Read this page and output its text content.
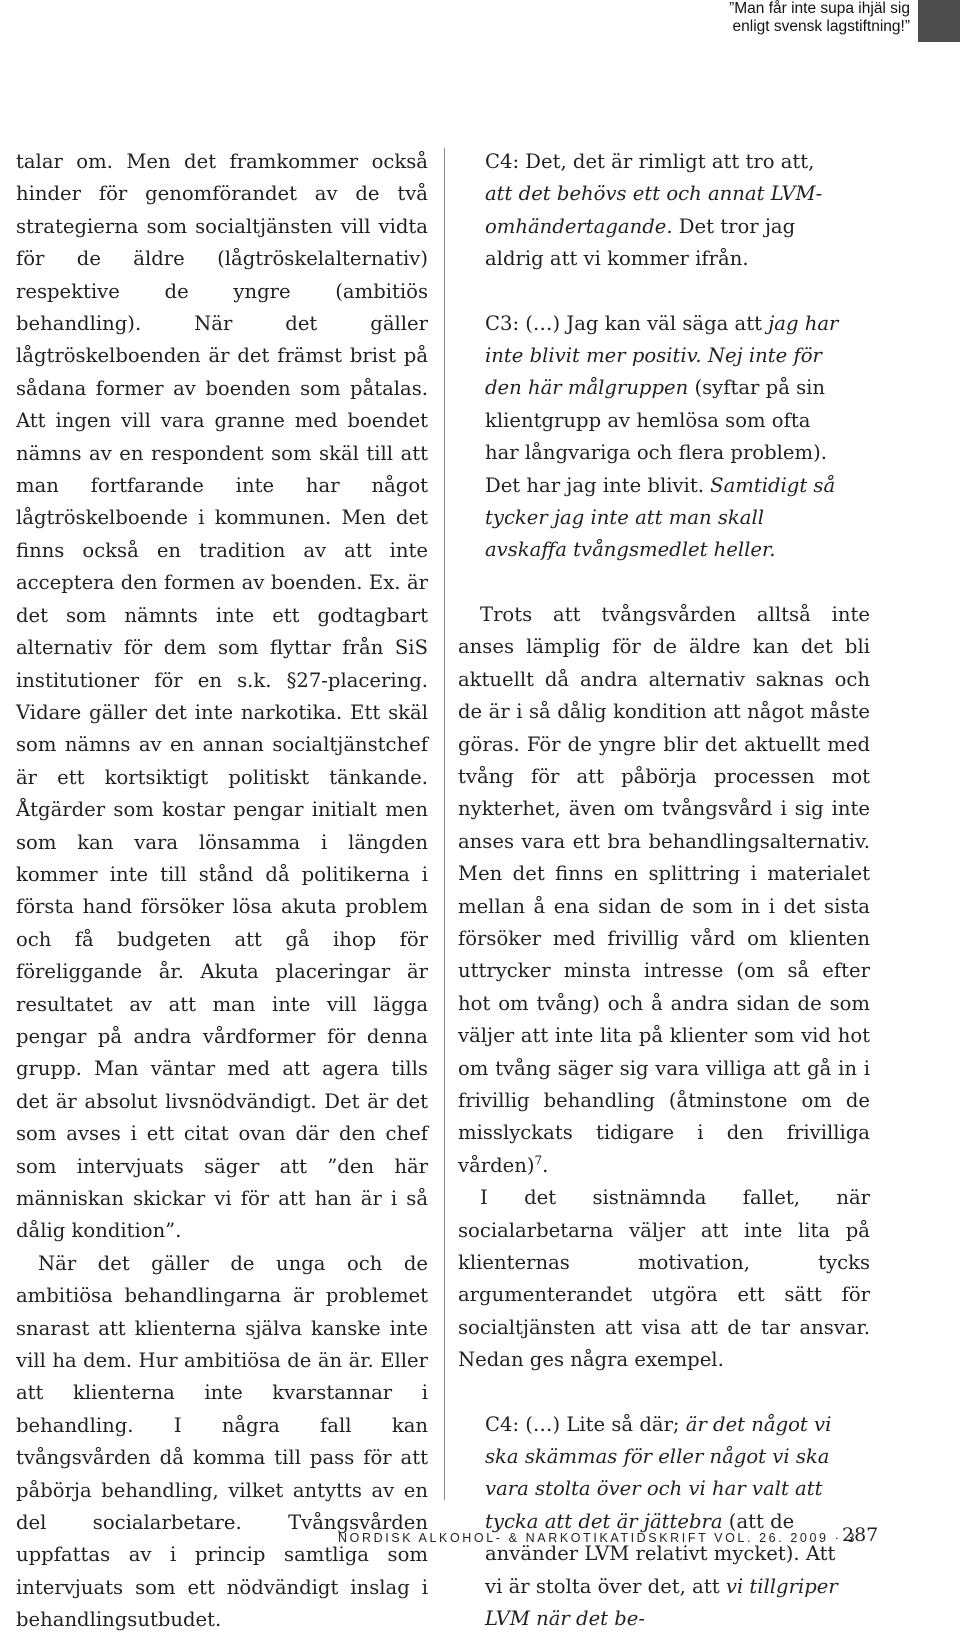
”Man får inte supa ihjäl sig
enligt svensk lagstiftning!”

talar om. Men det framkommer också hinder för genomförandet av de två strategierna som socialtjänsten vill vidta för de äldre (lågtröskelalternativ) respektive de yngre (ambitiös behandling). När det gäller lågtröskelboenden är det främst brist på sådana former av boenden som påtalas. Att ingen vill vara granne med boendet nämns av en respondent som skäl till att man fortfarande inte har något lågtröskelboende i kommunen. Men det finns också en tradition av att inte acceptera den formen av boenden. Ex. är det som nämnts inte ett godtagbart alternativ för dem som flyttar från SiS institutioner för en s.k. §27-placering. Vidare gäller det inte narkotika. Ett skäl som nämns av en annan socialtjänstchef är ett kortsiktigt politiskt tänkande. Åtgärder som kostar pengar initialt men som kan vara lönsamma i längden kommer inte till stånd då politikerna i första hand försöker lösa akuta problem och få budgeten att gå ihop för föreliggande år. Akuta placeringar är resultatet av att man inte vill lägga pengar på andra vårdformer för denna grupp. Man väntar med att agera tills det är absolut livsnödvändigt. Det är det som avses i ett citat ovan där den chef som intervjuats säger att ”den här människan skickar vi för att han är i så dålig kondition”.

När det gäller de unga och de ambitiösa behandlingarna är problemet snarast att klienterna själva kanske inte vill ha dem. Hur ambitiösa de än är. Eller att klienterna inte kvarstannar i behandling. I några fall kan tvångsvården då komma till pass för att påbörja behandling, vilket antytts av en del socialarbetare. Tvångsvården uppfattas av i princip samtliga som intervjuats som ett nödvändigt inslag i behandlingsutbudet.

C4: Det, det är rimligt att tro att, att det behövs ett och annat LVM-omhändertagande. Det tror jag aldrig att vi kommer ifrån.

C3: (…) Jag kan väl säga att jag har inte blivit mer positiv. Nej inte för den här målgruppen (syftar på sin klientgrupp av hemlösa som ofta har långvariga och flera problem). Det har jag inte blivit. Samtidigt så tycker jag inte att man skall avskaffa tvångsmedlet heller.

Trots att tvångsvården alltså inte anses lämplig för de äldre kan det bli aktuellt då andra alternativ saknas och de är i så dålig kondition att något måste göras. För de yngre blir det aktuellt med tvång för att påbörja processen mot nykterhet, även om tvångsvård i sig inte anses vara ett bra behandlingsalternativ. Men det finns en splittring i materialet mellan å ena sidan de som in i det sista försöker med frivillig vård om klienten uttrycker minsta intresse (om så efter hot om tvång) och å andra sidan de som väljer att inte lita på klienter som vid hot om tvång säger sig vara villiga att gå in i frivillig behandling (åtminstone om de misslyckats tidigare i den frivilliga vården)$^7$.

I det sistnämnda fallet, när socialarbetarna väljer att inte lita på klienternas motivation, tycks argumenterandet utgöra ett sätt för socialtjänsten att visa att de tar ansvar. Nedan ges några exempel.

C4: (…) Lite så där; är det något vi ska skämmas för eller något vi ska vara stolta över och vi har valt att tycka att det är jättebra (att de använder LVM relativt mycket). Att vi är stolta över det, att vi tillgriper LVM när det be-

NORDISK ALKOHOL- & NARKOTIKATIDSKRIFT VOL. 26. 2009 · 3
287
